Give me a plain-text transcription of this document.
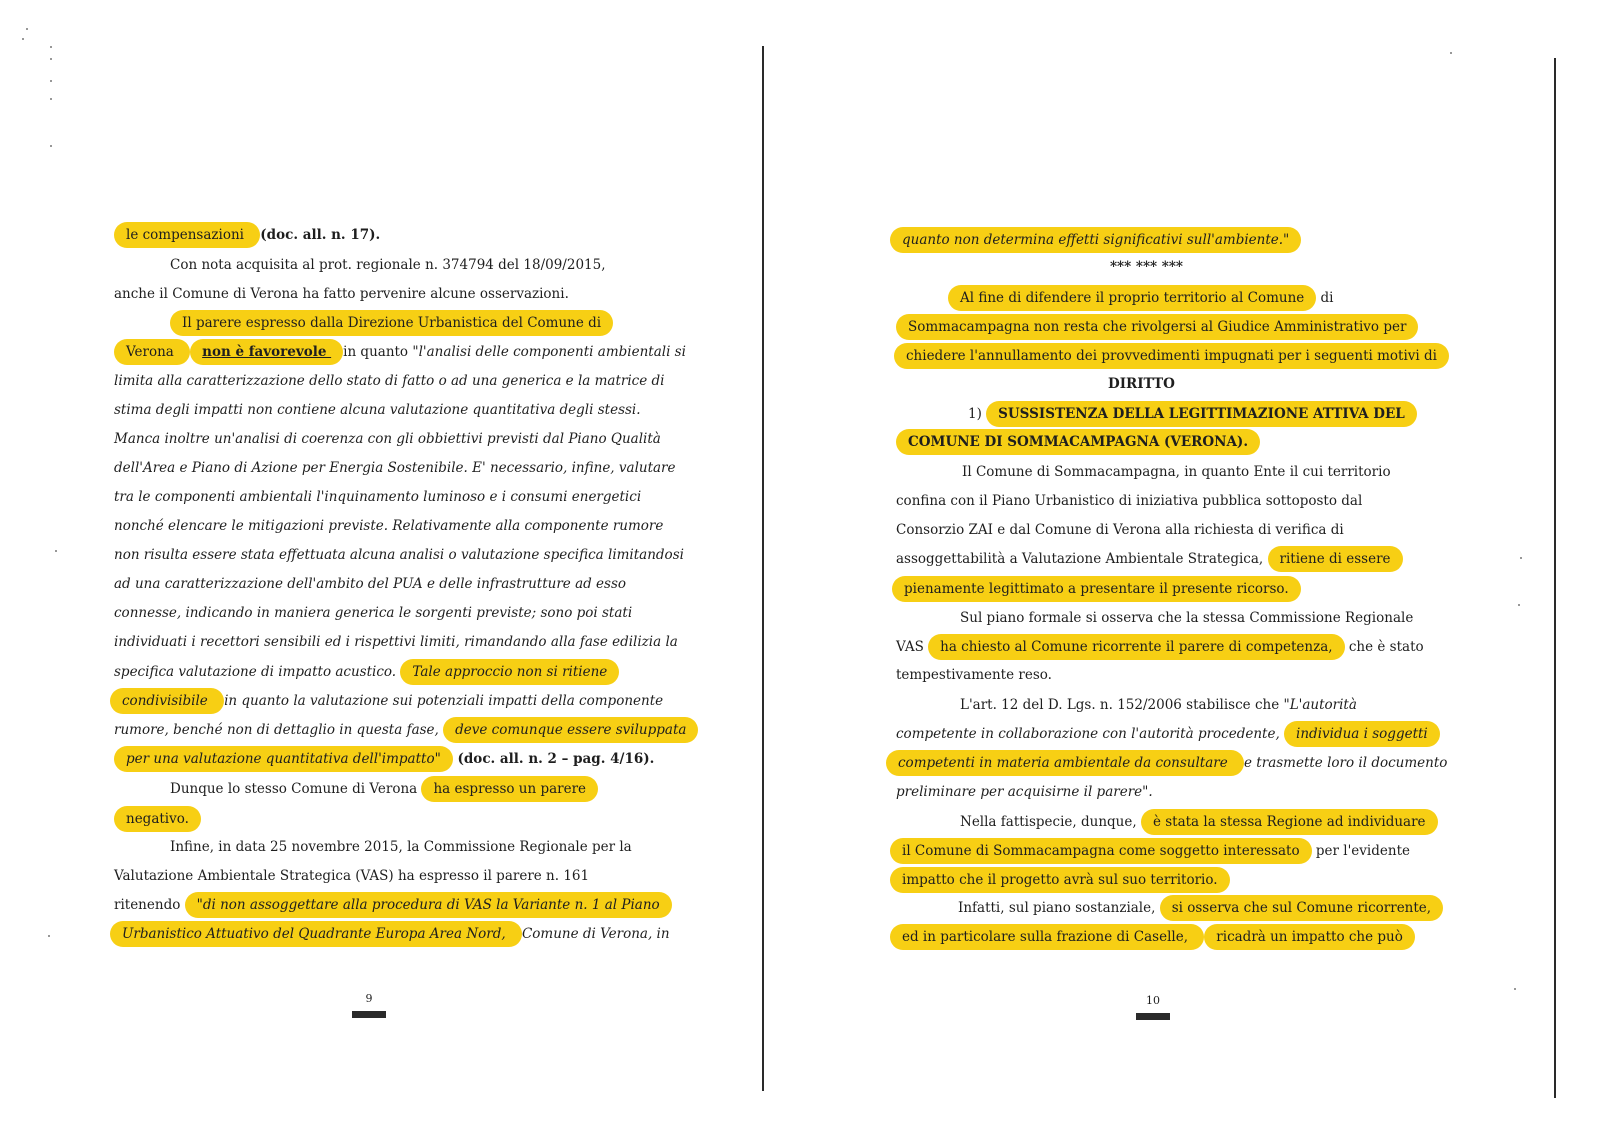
9	10
le compensazioni (doc. all. n. 17).
Con nota acquisita al prot. regionale n. 374794 del 18/09/2015,
anche il Comune di Verona ha fatto pervenire alcune osservazioni.
Il parere espresso dalla Direzione Urbanistica del Comune di
Verona non è favorevole in quanto "l'analisi delle componenti ambientali si
limita alla caratterizzazione dello stato di fatto o ad una generica e la matrice di
stima degli impatti non contiene alcuna valutazione quantitativa degli stessi.
Manca inoltre un'analisi di coerenza con gli obbiettivi previsti dal Piano Qualità
dell'Area e Piano di Azione per Energia Sostenibile. E' necessario, infine, valutare
tra le componenti ambientali l'inquinamento luminoso e i consumi energetici
nonché elencare le mitigazioni previste. Relativamente alla componente rumore
non risulta essere stata effettuata alcuna analisi o valutazione specifica limitandosi
ad una caratterizzazione dell'ambito del PUA e delle infrastrutture ad esso
connesse, indicando in maniera generica le sorgenti previste; sono poi stati
individuati i recettori sensibili ed i rispettivi limiti, rimandando alla fase edilizia la
specifica valutazione di impatto acustico. Tale approccio non si ritiene
condivisibile in quanto la valutazione sui potenziali impatti della componente
rumore, benché non di dettaglio in questa fase, deve comunque essere sviluppata
per una valutazione quantitativa dell'impatto" (doc. all. n. 2 – pag. 4/16).
Dunque lo stesso Comune di Verona ha espresso un parere
negativo.
Infine, in data 25 novembre 2015, la Commissione Regionale per la
Valutazione Ambientale Strategica (VAS) ha espresso il parere n. 161
ritenendo "di non assoggettare alla procedura di VAS la Variante n. 1 al Piano
Urbanistico Attuativo del Quadrante Europa Area Nord, Comune di Verona, in
quanto non determina effetti significativi sull'ambiente."
*** *** ***
Al fine di difendere il proprio territorio al Comune di
Sommacampagna non resta che rivolgersi al Giudice Amministrativo per
chiedere l'annullamento dei provvedimenti impugnati per i seguenti motivi di
DIRITTO
1) SUSSISTENZA DELLA LEGITTIMAZIONE ATTIVA DEL
COMUNE DI SOMMACAMPAGNA (VERONA).
Il Comune di Sommacampagna, in quanto Ente il cui territorio
confina con il Piano Urbanistico di iniziativa pubblica sottoposto dal
Consorzio ZAI e dal Comune di Verona alla richiesta di verifica di
assoggettabilità a Valutazione Ambientale Strategica, ritiene di essere
pienamente legittimato a presentare il presente ricorso.
Sul piano formale si osserva che la stessa Commissione Regionale
VAS ha chiesto al Comune ricorrente il parere di competenza, che è stato
tempestivamente reso.
L'art. 12 del D. Lgs. n. 152/2006 stabilisce che "L'autorità
competente in collaborazione con l'autorità procedente, individua i soggetti
competenti in materia ambientale da consultare e trasmette loro il documento
preliminare per acquisirne il parere".
Nella fattispecie, dunque, è stata la stessa Regione ad individuare
il Comune di Sommacampagna come soggetto interessato per l'evidente
impatto che il progetto avrà sul suo territorio.
Infatti, sul piano sostanziale, si osserva che sul Comune ricorrente,
ed in particolare sulla frazione di Caselle, ricadrà un impatto che può
